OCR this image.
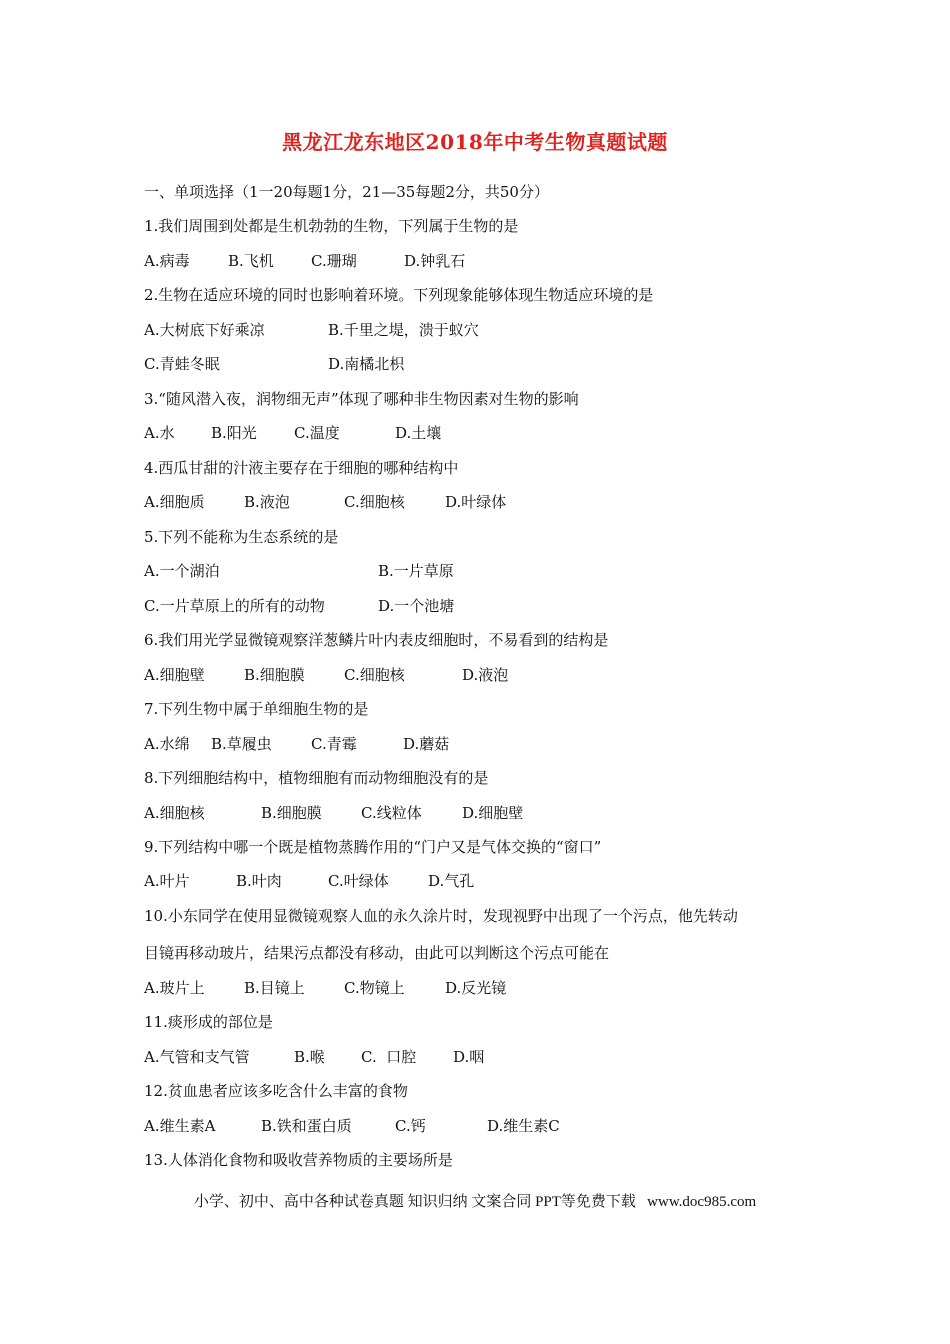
黑龙江龙东地区2018年中考生物真题试题
一、单项选择（1一20每题1分，21—35每题2分，共50分）
1.我们周围到处都是生机勃勃的生物，下列属于生物的是
A.病毒	B.飞机 C.珊瑚	D.钟乳石
2.生物在适应环境的同时也影响着环境。下列现象能够体现生物适应环境的是
A.大树底下好乘凉	B.千里之堤，溃于蚁穴
C.青蛙冬眠	D.南橘北枳
3.“随风潜入夜，润物细无声”体现了哪种非生物因素对生物的影响
A.水 B.阳光 C.温度	D.土壤
4.西瓜甘甜的汁液主要存在于细胞的哪种结构中
A.细胞质	B.液泡	C.细胞核	D.叶绿体
5.下列不能称为生态系统的是
A.一个湖泊	B.一片草原
C.一片草原上的所有的动物	D.一个池塘
6.我们用光学显微镜观察洋葱鳞片叶内表皮细胞时，不易看到的结构是
A.细胞壁	B.细胞膜	C.细胞核	D.液泡
7.下列生物中属于单细胞生物的是
A.水绵 B.草履虫	C.青霉	D.蘑菇
8.下列细胞结构中，植物细胞有而动物细胞没有的是
A.细胞核	B.细胞膜	C.线粒体	D.细胞壁
9.下列结构中哪一个既是植物蒸腾作用的“门户又是气体交换的“窗口”
A.叶片	B.叶肉	C.叶绿体	D.气孔
10.小东同学在使用显微镜观察人血的永久涂片时，发现视野中出现了一个污点，他先转动
目镜再移动玻片，结果污点都没有移动，由此可以判断这个污点可能在
A.玻片上	B.目镜上	C.物镜上	D.反光镜
11.痰形成的部位是
A.气管和支气管	B.喉 C.  口腔 D.咽
12.贫血患者应该多吃含什么丰富的食物
A.维生素A	B.铁和蛋白质	C.钙	D.维生素C
13.人体消化食物和吸收营养物质的主要场所是
小学、初中、高中各种试卷真题 知识归纳 文案合同 PPT等免费下载   www.doc985.com
